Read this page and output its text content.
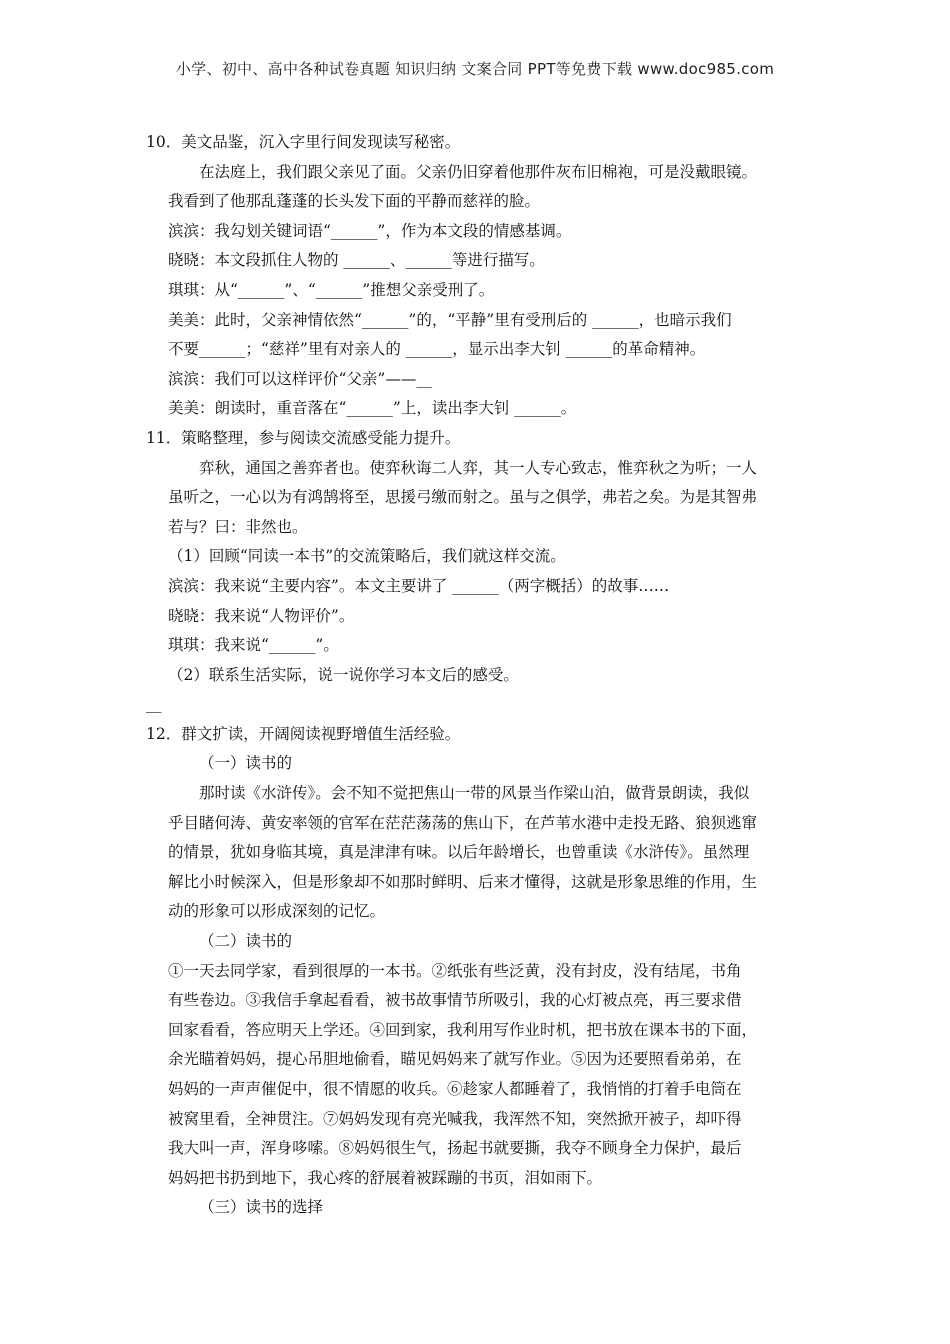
小学、初中、高中各种试卷真题 知识归纳 文案合同 PPT等免费下载 www.doc985.com

10．美文品鉴，沉入字里行间发现读写秘密。

在法庭上，我们跟父亲见了面。父亲仍旧穿着他那件灰布旧棉袍，可是没戴眼镜。

我看到了他那乱蓬蓬的长头发下面的平静而慈祥的脸。

滨滨：我勾划关键词语“______”，作为本文段的情感基调。

晓晓：本文段抓住人物的 ______、______等进行描写。

琪琪：从“______”、“______”推想父亲受刑了。

美美：此时，父亲神情依然“______”的，“平静”里有受刑后的 ______，也暗示我们

不要______；“慈祥”里有对亲人的 ______，显示出李大钊 ______的革命精神。

滨滨：我们可以这样评价“父亲”——__

美美：朗读时，重音落在“______”上，读出李大钊 ______。

11．策略整理，参与阅读交流感受能力提升。

弈秋，通国之善弈者也。使弈秋诲二人弈，其一人专心致志，惟弈秋之为听；一人

虽听之，一心以为有鸿鹄将至，思援弓缴而射之。虽与之俱学，弗若之矣。为是其智弗

若与？曰：非然也。

（1）回顾“同读一本书”的交流策略后，我们就这样交流。

滨滨：我来说“主要内容”。本文主要讲了 ______（两字概括）的故事……

晓晓：我来说“人物评价”。

琪琪：我来说“______”。

（2）联系生活实际，说一说你学习本文后的感受。

__

12．群文扩读，开阔阅读视野增值生活经验。

（一）读书的

那时读《水浒传》。会不知不觉把焦山一带的风景当作梁山泊，做背景朗读，我似

乎目睹何涛、黄安率领的官军在茫茫荡荡的焦山下，在芦苇水港中走投无路、狼狈逃窜

的情景，犹如身临其境，真是津津有味。以后年龄增长，也曾重读《水浒传》。虽然理

解比小时候深入，但是形象却不如那时鲜明、后来才懂得，这就是形象思维的作用，生

动的形象可以形成深刻的记忆。

（二）读书的

①一天去同学家，看到很厚的一本书。②纸张有些泛黄，没有封皮，没有结尾，书角

有些卷边。③我信手拿起看看，被书故事情节所吸引，我的心灯被点亮，再三要求借

回家看看，答应明天上学还。④回到家，我利用写作业时机，把书放在课本书的下面，

余光瞄着妈妈，提心吊胆地偷看，瞄见妈妈来了就写作业。⑤因为还要照看弟弟，在

妈妈的一声声催促中，很不情愿的收兵。⑥趁家人都睡着了，我悄悄的打着手电筒在

被窝里看，全神贯注。⑦妈妈发现有亮光喊我，我浑然不知，突然掀开被子，却吓得

我大叫一声，浑身哆嗦。⑧妈妈很生气，扬起书就要撕，我夺不顾身全力保护，最后

妈妈把书扔到地下，我心疼的舒展着被踩蹦的书页，泪如雨下。

（三）读书的选择
